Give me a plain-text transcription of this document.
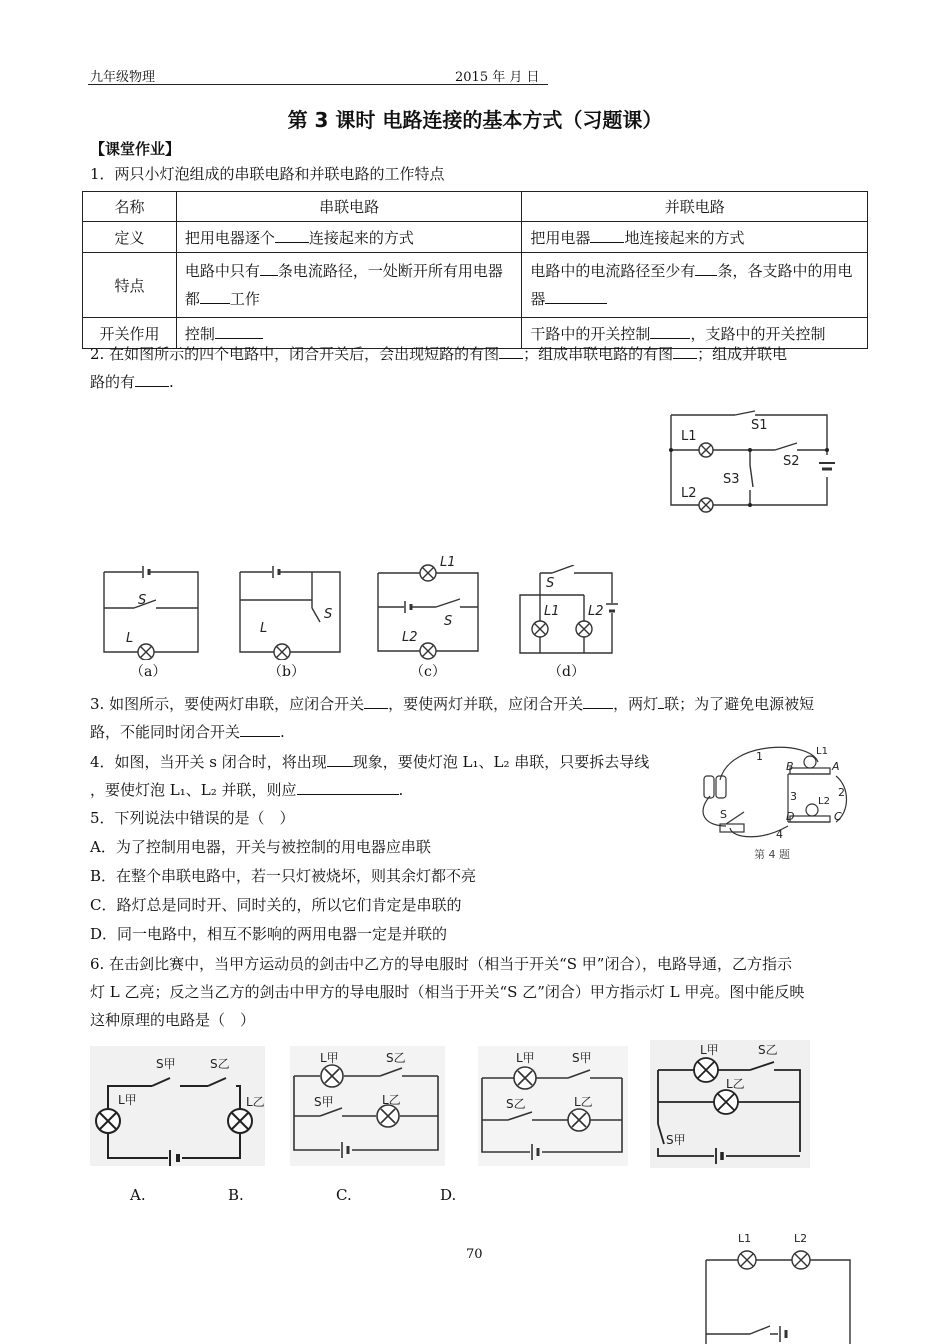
九年级物理	2015 年 月 日
第 3 课时 电路连接的基本方式（习题课）
【课堂作业】
1．两只小灯泡组成的串联电路和并联电路的工作特点
名称	串联电路	并联电路
定义	把用电器逐个 连接起来的方式	把用电器 地连接起来的方式
特点	电路中只有 条电流路径，一处断开所有用电器都 工作	电路中的电流路径至少有 条，各支路中的用电器
开关作用	控制	干路中的开关控制 ，支路中的开关控制
2. 在如图所示的四个电路中，闭合开关后，会出现短路的有图 ；组成串联电路的有图 ；组成并联电
路的有 .
L1
L2
S1
S2
S3
S
L
S
L
L1
S
L2
S
L1 L2
（a）	（b）	（c）	（d）
3. 如图所示，要使两灯串联，应闭合开关 ，要使两灯并联，应闭合开关 ，两灯 联；为了避免电源被短
路，不能同时闭合开关	.
4．如图，当开关 s 闭合时，将出现 现象，要使灯泡 L₁、L₂ 串联，只要拆去导线
，要使灯泡 L₁、L₂ 并联，则应	.
1
2
3
4
B	A
D	C
L1
L2
S
第 4 题
5．下列说法中错误的是（　）
A．为了控制用电器，开关与被控制的用电器应串联
B．在整个串联电路中，若一只灯被烧坏，则其余灯都不亮
C．路灯总是同时开、同时关的，所以它们肯定是串联的
D．同一电路中，相互不影响的两用电器一定是并联的
6. 在击剑比赛中，当甲方运动员的剑击中乙方的导电服时（相当于开关“S 甲”闭合），电路导通，乙方指示
灯 L 乙亮；反之当乙方的剑击中甲方的导电服时（相当于开关“S 乙”闭合）甲方指示灯 L 甲亮。图中能反映
这种原理的电路是（　）
S甲	S乙
L甲	L乙
L甲	S乙
S甲	L乙
L甲	S甲
S乙	L乙
L甲	S乙
L乙
S甲
A.	B.	C.	D.
70
L1	L2
